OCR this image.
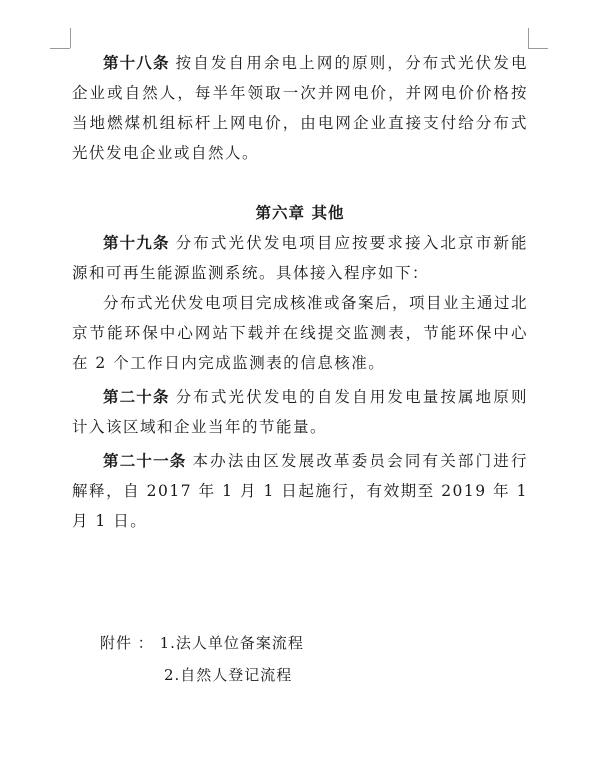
第十八条 按自发自用余电上网的原则，分布式光伏发电企业或自然人，每半年领取一次并网电价，并网电价价格按当地燃煤机组标杆上网电价，由电网企业直接支付给分布式光伏发电企业或自然人。

第六章 其他

第十九条 分布式光伏发电项目应按要求接入北京市新能源和可再生能源监测系统。具体接入程序如下：

分布式光伏发电项目完成核准或备案后，项目业主通过北京节能环保中心网站下载并在线提交监测表，节能环保中心在 2 个工作日内完成监测表的信息核准。

第二十条 分布式光伏发电的自发自用发电量按属地原则计入该区域和企业当年的节能量。

第二十一条 本办法由区发展改革委员会同有关部门进行解释，自 2017 年 1 月 1 日起施行，有效期至 2019 年 1 月 1 日。

附件 ： 1.法人单位备案流程
2.自然人登记流程
